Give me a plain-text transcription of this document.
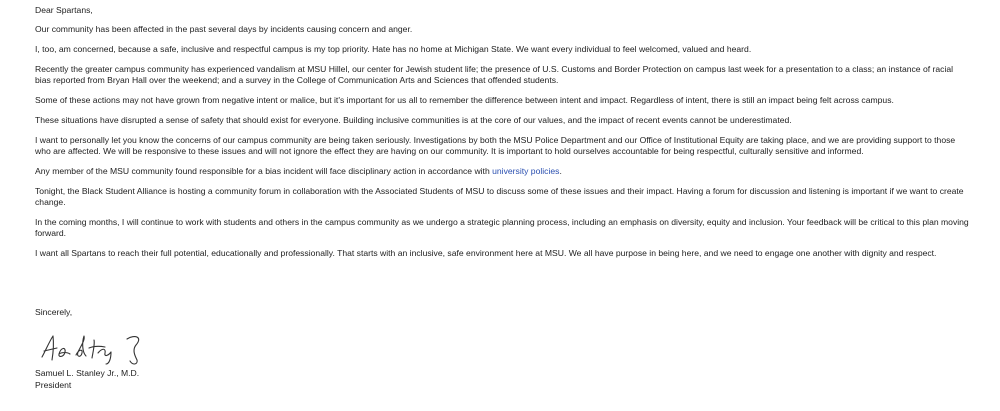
Dear Spartans,
Our community has been affected in the past several days by incidents causing concern and anger.
I, too, am concerned, because a safe, inclusive and respectful campus is my top priority. Hate has no home at Michigan State. We want every individual to feel welcomed, valued and heard.
Recently the greater campus community has experienced vandalism at MSU Hillel, our center for Jewish student life; the presence of U.S. Customs and Border Protection on campus last week for a presentation to a class; an instance of racial bias reported from Bryan Hall over the weekend; and a survey in the College of Communication Arts and Sciences that offended students.
Some of these actions may not have grown from negative intent or malice, but it's important for us all to remember the difference between intent and impact. Regardless of intent, there is still an impact being felt across campus.
These situations have disrupted a sense of safety that should exist for everyone. Building inclusive communities is at the core of our values, and the impact of recent events cannot be underestimated.
I want to personally let you know the concerns of our campus community are being taken seriously. Investigations by both the MSU Police Department and our Office of Institutional Equity are taking place, and we are providing support to those who are affected. We will be responsive to these issues and will not ignore the effect they are having on our community. It is important to hold ourselves accountable for being respectful, culturally sensitive and informed.
Any member of the MSU community found responsible for a bias incident will face disciplinary action in accordance with university policies.
Tonight, the Black Student Alliance is hosting a community forum in collaboration with the Associated Students of MSU to discuss some of these issues and their impact. Having a forum for discussion and listening is important if we want to create change.
In the coming months, I will continue to work with students and others in the campus community as we undergo a strategic planning process, including an emphasis on diversity, equity and inclusion. Your feedback will be critical to this plan moving forward.
I want all Spartans to reach their full potential, educationally and professionally. That starts with an inclusive, safe environment here at MSU. We all have purpose in being here, and we need to engage one another with dignity and respect.
Sincerely,
Samuel L. Stanley Jr., M.D.
President
